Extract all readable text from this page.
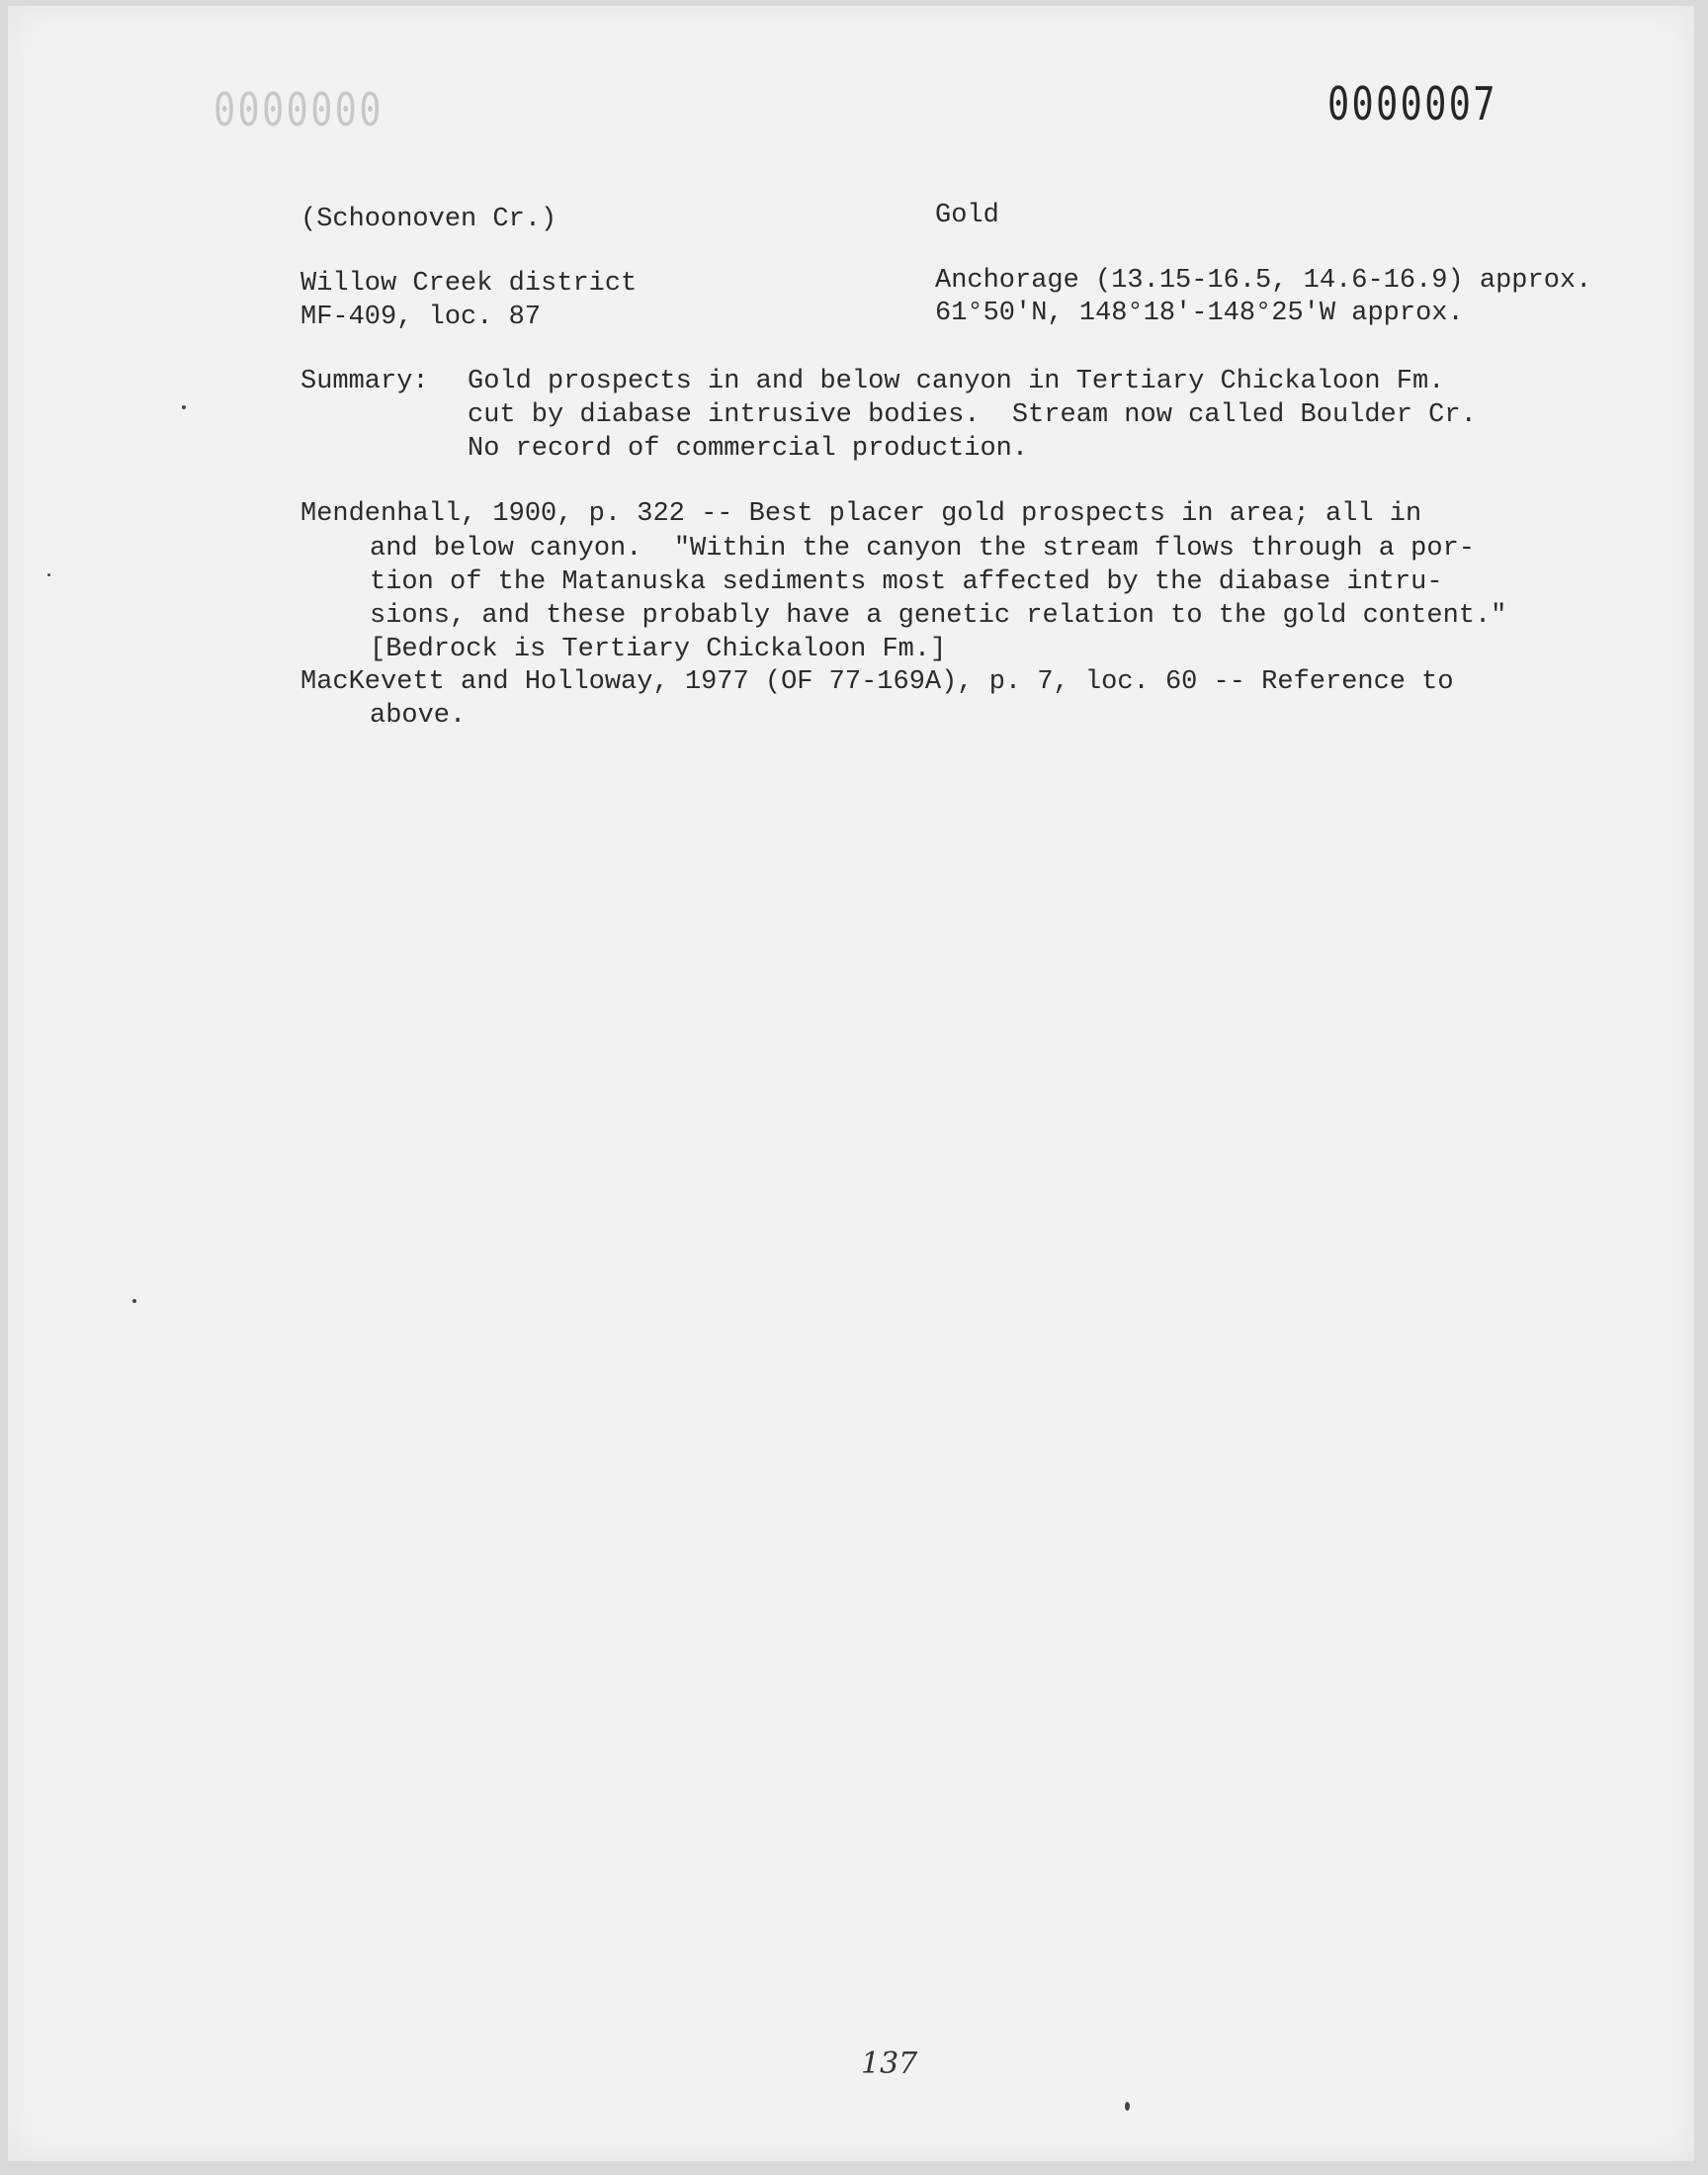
0000000	0000007
(Schoonoven Cr.)	Gold
Willow Creek district	Anchorage (13.15-16.5, 14.6-16.9) approx.
MF-409, loc. 87	61°50'N, 148°18'-148°25'W approx.
Summary: Gold prospects in and below canyon in Tertiary Chickaloon Fm.
cut by diabase intrusive bodies.  Stream now called Boulder Cr.
No record of commercial production.
Mendenhall, 1900, p. 322 -- Best placer gold prospects in area; all in
and below canyon.  "Within the canyon the stream flows through a por-
tion of the Matanuska sediments most affected by the diabase intru-
sions, and these probably have a genetic relation to the gold content."
[Bedrock is Tertiary Chickaloon Fm.]
MacKevett and Holloway, 1977 (OF 77-169A), p. 7, loc. 60 -- Reference to
above.
137
